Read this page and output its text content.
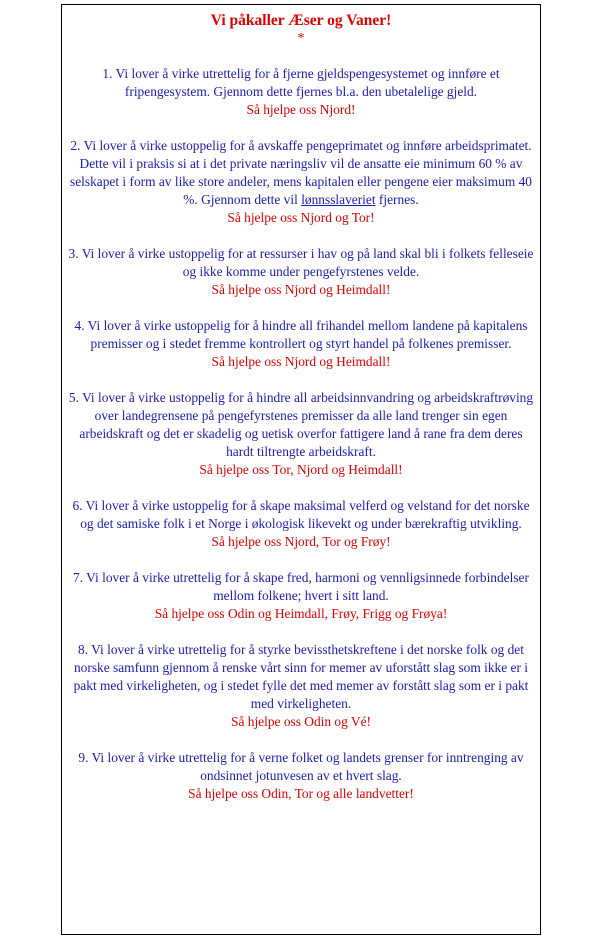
Vi påkaller Æser og Vaner!

*

1. Vi lover å virke utrettelig for å fjerne gjeldspengesystemet og innføre et fripengesystem. Gjennom dette fjernes bl.a. den ubetalelige gjeld.

Så hjelpe oss Njord!

2. Vi lover å virke ustoppelig for å avskaffe pengeprimatet og innføre arbeidsprimatet.

Dette vil i praksis si at i det private næringsliv vil de ansatte eie minimum 60 % av selskapet i form av like store andeler, mens kapitalen eller pengene eier maksimum 40 %. Gjennom dette vil lønnsslaveriet fjernes.

Så hjelpe oss Njord og Tor!

3. Vi lover å virke ustoppelig for at ressurser i hav og på land skal bli i folkets felleseie og ikke komme under pengefyrstenes velde.

Så hjelpe oss Njord og Heimdall!

4. Vi lover å virke ustoppelig for å hindre all frihandel mellom landene på kapitalens premisser og i stedet fremme kontrollert og styrt handel på folkenes premisser.

Så hjelpe oss Njord og Heimdall!

5. Vi lover å virke ustoppelig for å hindre all arbeidsinnvandring og arbeidskraftrøving over landegrensene på pengefyrstenes premisser da alle land trenger sin egen arbeidskraft og det er skadelig og uetisk overfor fattigere land å rane fra dem deres hardt tiltrengte arbeidskraft.

Så hjelpe oss Tor, Njord og Heimdall!

6. Vi lover å virke ustoppelig for å skape maksimal velferd og velstand for det norske og det samiske folk i et Norge i økologisk likevekt og under bærekraftig utvikling.

Så hjelpe oss Njord, Tor og Frøy!

7. Vi lover å virke utrettelig for å skape fred, harmoni og vennligsinnede forbindelser mellom folkene; hvert i sitt land.

Så hjelpe oss Odin og Heimdall, Frøy, Frigg og Frøya!

8. Vi lover å virke utrettelig for å styrke bevissthetskreftene i det norske folk og det norske samfunn gjennom å renske vårt sinn for memer av uforstått slag som ikke er i pakt med virkeligheten, og i stedet fylle det med memer av forstått slag som er i pakt med virkeligheten.

Så hjelpe oss Odin og Vé!

9. Vi lover å virke utrettelig for å verne folket og landets grenser for inntrenging av ondsinnet jotunvesen av et hvert slag.

Så hjelpe oss Odin, Tor og alle landvetter!
